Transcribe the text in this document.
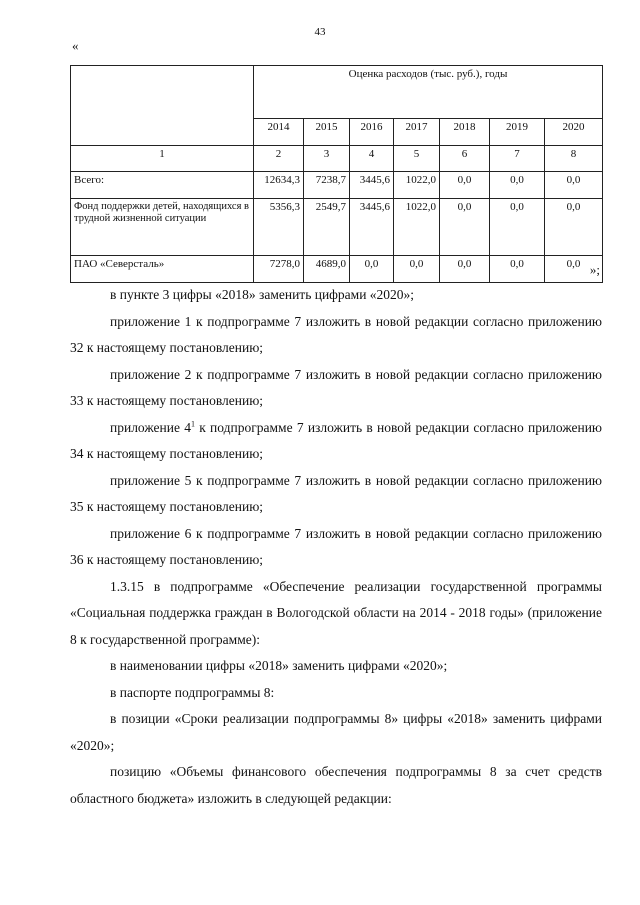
43
«
	Оценка расходов (тыс. руб.), годы						
	2014	2015	2016	2017	2018	2019	2020
1	2	3	4	5	6	7	8
Всего:	12634,3	7238,7	3445,6	1022,0	0,0	0,0	0,0
Фонд поддержки детей, находящихся в трудной жизненной ситуации	5356,3	2549,7	3445,6	1022,0	0,0	0,0	0,0
ПАО «Северсталь»	7278,0	4689,0	0,0	0,0	0,0	0,0	0,0 »;

в пункте 3 цифры «2018» заменить цифрами «2020»;

приложение 1 к подпрограмме 7 изложить в новой редакции согласно приложению 32 к настоящему постановлению;

приложение 2 к подпрограмме 7 изложить в новой редакции согласно приложению 33 к настоящему постановлению;

приложение $4^1$ к подпрограмме 7 изложить в новой редакции согласно приложению 34 к настоящему постановлению;

приложение 5 к подпрограмме 7 изложить в новой редакции согласно приложению 35 к настоящему постановлению;

приложение 6 к подпрограмме 7 изложить в новой редакции согласно приложению 36 к настоящему постановлению;

1.3.15 в подпрограмме «Обеспечение реализации государственной программы «Социальная поддержка граждан в Вологодской области на 2014 - 2018 годы» (приложение 8 к государственной программе):

в наименовании цифры «2018» заменить цифрами «2020»;

в паспорте подпрограммы 8:

в позиции «Сроки реализации подпрограммы 8» цифры «2018» заменить цифрами «2020»;

позицию «Объемы финансового обеспечения подпрограммы 8 за счет средств областного бюджета» изложить в следующей редакции:
